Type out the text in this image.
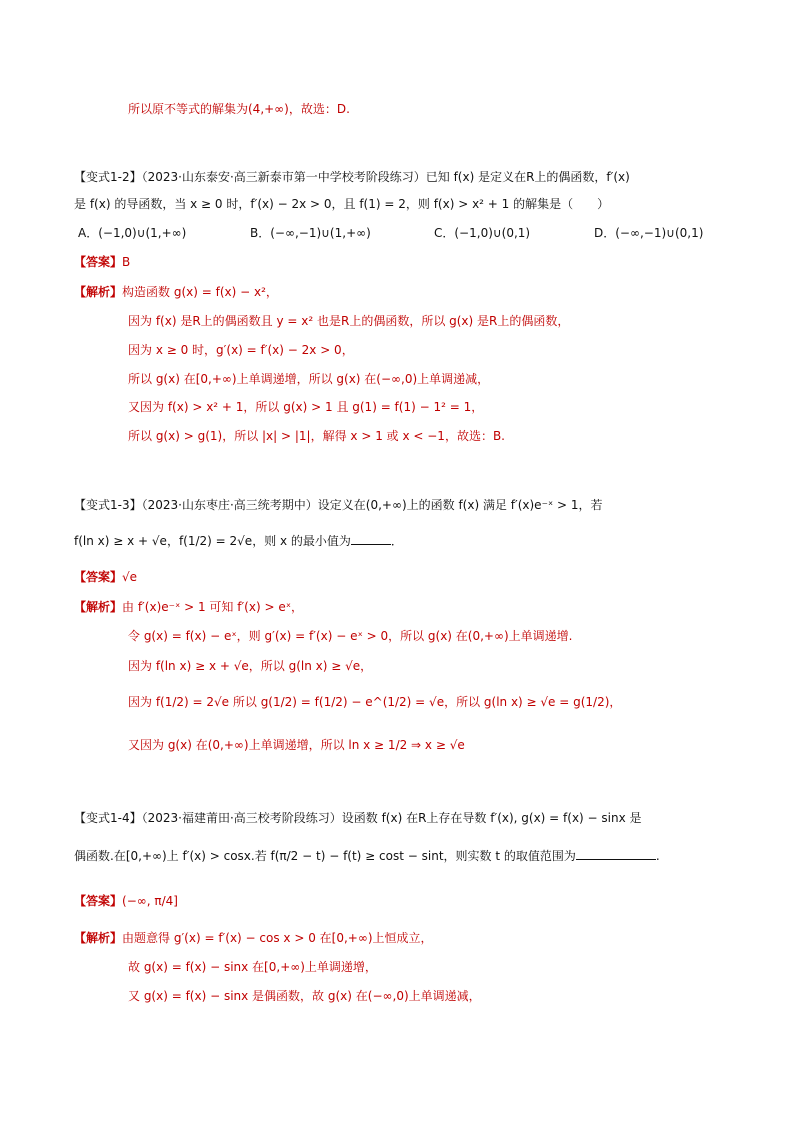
所以原不等式的解集为(4,+∞)，故选：D.
【变式1-2】（2023·山东泰安·高三新泰市第一中学校考阶段练习）已知 f(x) 是定义在R上的偶函数，f′(x)
是 f(x) 的导函数，当 x ≥ 0 时，f′(x) − 2x > 0，且 f(1) = 2，则 f(x) > x² + 1 的解集是（　　）
A．(−1,0)∪(1,+∞)	B．(−∞,−1)∪(1,+∞)	C．(−1,0)∪(0,1)	D．(−∞,−1)∪(0,1)
【答案】B
【解析】构造函数 g(x) = f(x) − x²，
因为 f(x) 是R上的偶函数且 y = x² 也是R上的偶函数，所以 g(x) 是R上的偶函数，
因为 x ≥ 0 时，g′(x) = f′(x) − 2x > 0，
所以 g(x) 在[0,+∞)上单调递增，所以 g(x) 在(−∞,0)上单调递减，
又因为 f(x) > x² + 1，所以 g(x) > 1 且 g(1) = f(1) − 1² = 1，
所以 g(x) > g(1)，所以 |x| > |1|，解得 x > 1 或 x < −1，故选：B.
【变式1-3】（2023·山东枣庄·高三统考期中）设定义在(0,+∞)上的函数 f(x) 满足 f′(x)e⁻ˣ > 1，若
f(ln x) ≥ x + √e，f(1/2) = 2√e，则 x 的最小值为	．
【答案】√e
【解析】由 f′(x)e⁻ˣ > 1 可知 f′(x) > eˣ，
令 g(x) = f(x) − eˣ，则 g′(x) = f′(x) − eˣ > 0，所以 g(x) 在(0,+∞)上单调递增.
因为 f(ln x) ≥ x + √e，所以 g(ln x) ≥ √e，
因为 f(1/2) = 2√e 所以 g(1/2) = f(1/2) − e^(1/2) = √e，所以 g(ln x) ≥ √e = g(1/2)，
又因为 g(x) 在(0,+∞)上单调递增，所以 ln x ≥ 1/2 ⇒ x ≥ √e
【变式1-4】（2023·福建莆田·高三校考阶段练习）设函数 f(x) 在R上存在导数 f′(x), g(x) = f(x) − sinx 是
偶函数.在[0,+∞)上 f′(x) > cosx.若 f(π/2 − t) − f(t) ≥ cost − sint，则实数 t 的取值范围为	.
【答案】(−∞, π/4]
【解析】由题意得 g′(x) = f′(x) − cos x > 0 在[0,+∞)上恒成立，
故 g(x) = f(x) − sinx 在[0,+∞)上单调递增，
又 g(x) = f(x) − sinx 是偶函数，故 g(x) 在(−∞,0)上单调递减，
